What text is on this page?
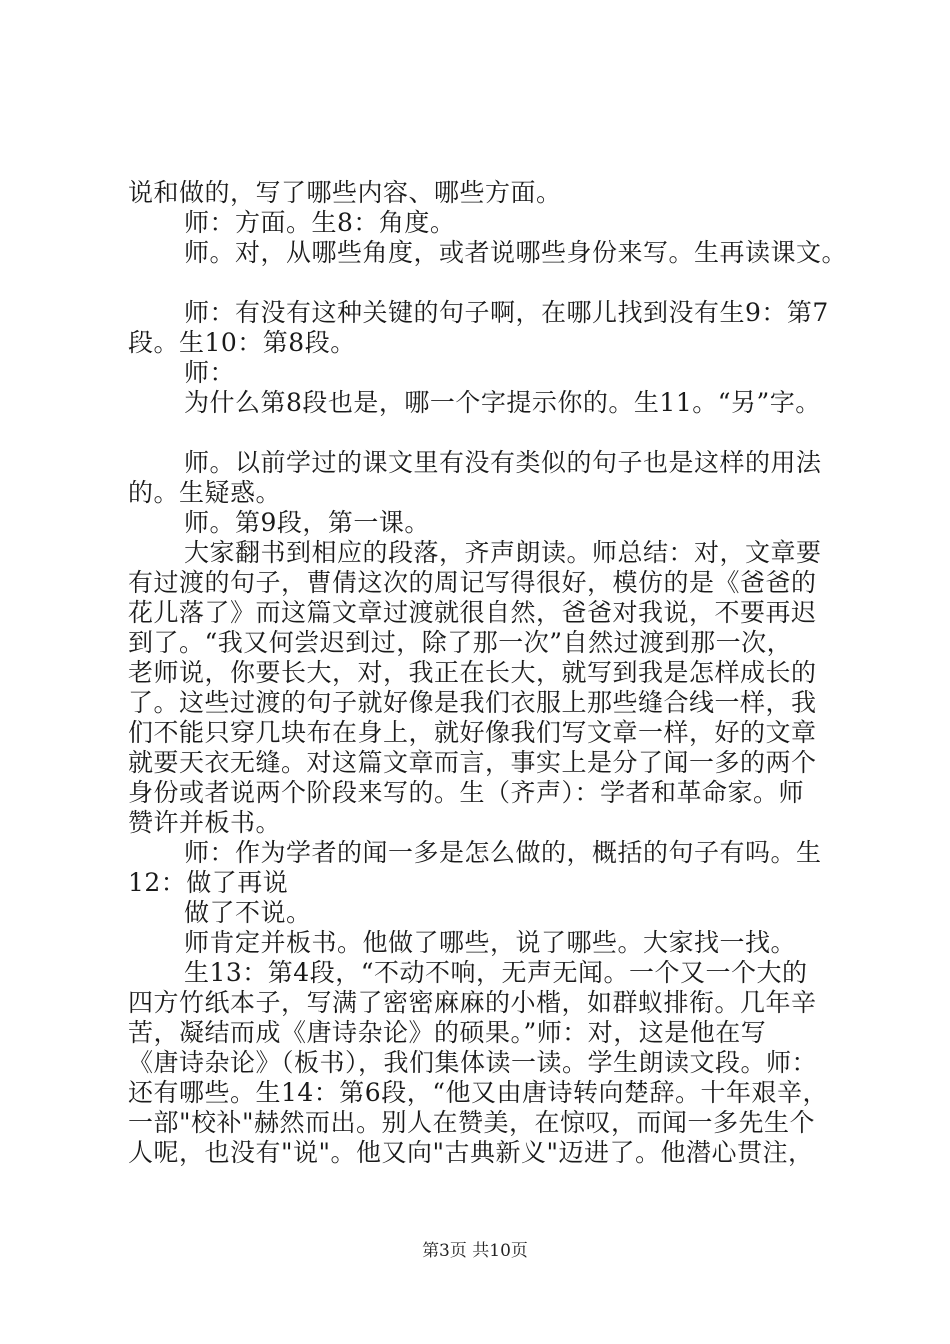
说和做的，写了哪些内容、哪些方面。
师：方面。生8：角度。
师。对，从哪些角度，或者说哪些身份来写。生再读课文。
师：有没有这种关键的句子啊，在哪儿找到没有生9：第7
段。生10：第8段。
师：
为什么第8段也是，哪一个字提示你的。生11。“另”字。
师。以前学过的课文里有没有类似的句子也是这样的用法
的。生疑惑。
师。第9段，第一课。
大家翻书到相应的段落，齐声朗读。师总结：对，文章要
有过渡的句子，曹倩这次的周记写得很好，模仿的是《爸爸的
花儿落了》而这篇文章过渡就很自然，爸爸对我说，不要再迟
到了。“我又何尝迟到过，除了那一次”自然过渡到那一次，
老师说，你要长大，对，我正在长大，就写到我是怎样成长的
了。这些过渡的句子就好像是我们衣服上那些缝合线一样，我
们不能只穿几块布在身上，就好像我们写文章一样，好的文章
就要天衣无缝。对这篇文章而言，事实上是分了闻一多的两个
身份或者说两个阶段来写的。生（齐声）：学者和革命家。师
赞许并板书。
师：作为学者的闻一多是怎么做的，概括的句子有吗。生
12：做了再说
做了不说。
师肯定并板书。他做了哪些，说了哪些。大家找一找。
生13：第4段，“不动不响，无声无闻。一个又一个大的
四方竹纸本子，写满了密密麻麻的小楷，如群蚁排衔。几年辛
苦，凝结而成《唐诗杂论》的硕果。”师：对，这是他在写
《唐诗杂论》（板书），我们集体读一读。学生朗读文段。师：
还有哪些。生14：第6段，“他又由唐诗转向楚辞。十年艰辛，
一部"校补"赫然而出。别人在赞美，在惊叹，而闻一多先生个
人呢，也没有"说"。他又向"古典新义"迈进了。他潜心贯注，
第3页 共10页
